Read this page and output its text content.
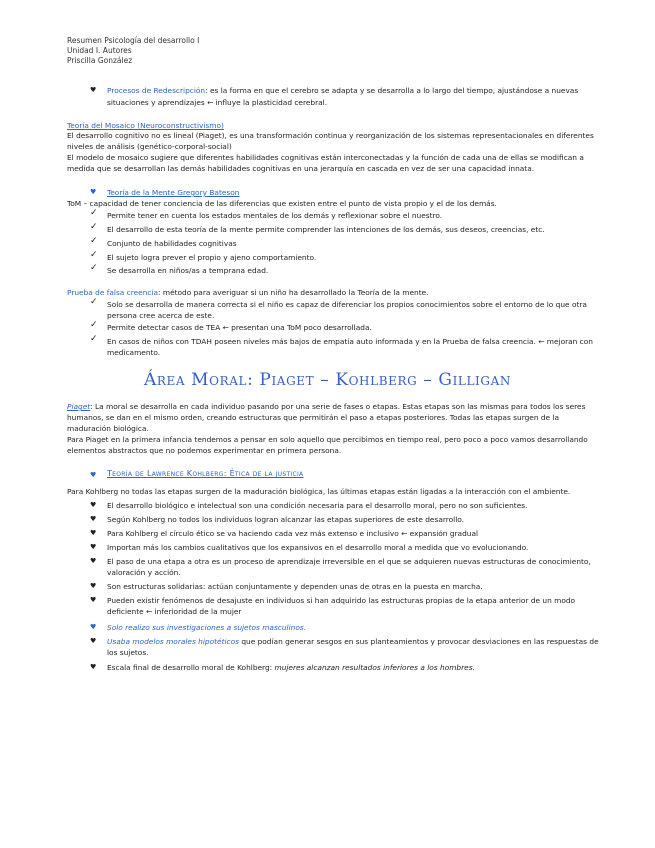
Resumen Psicología del desarrollo I
Unidad I. Autores
Priscilla González
♥ Procesos de Redescripción: es la forma en que el cerebro se adapta y se desarrolla a lo largo del tiempo, ajustándose a nuevas
situaciones y aprendizajes ← influye la plasticidad cerebral.
Teoría del Mosaico (Neuroconstructivismo)
El desarrollo cognitivo no es lineal (Piaget), es una transformación continua y reorganización de los sistemas representacionales en diferentes
niveles de análisis (genético-corporal-social)
El modelo de mosaico sugiere que diferentes habilidades cognitivas están interconectadas y la función de cada una de ellas se modifican a
medida que se desarrollan las demás habilidades cognitivas en una jerarquía en cascada en vez de ser una capacidad innata.
♥ Teoría de la Mente Gregory Bateson
ToM – capacidad de tener conciencia de las diferencias que existen entre el punto de vista propio y el de los demás.
✓ Permite tener en cuenta los estados mentales de los demás y reflexionar sobre el nuestro.
✓ El desarrollo de esta teoría de la mente permite comprender las intenciones de los demás, sus deseos, creencias, etc.
✓ Conjunto de habilidades cognitivas
✓ El sujeto logra prever el propio y ajeno comportamiento.
✓ Se desarrolla en niños/as a temprana edad.
Prueba de falsa creencia: método para averiguar si un niño ha desarrollado la Teoría de la mente.
✓ Solo se desarrolla de manera correcta si el niño es capaz de diferenciar los propios conocimientos sobre el entorno de lo que otra
persona cree acerca de este.
✓ Permite detectar casos de TEA ← presentan una ToM poco desarrollada.
✓ En casos de niños con TDAH poseen niveles más bajos de empatía auto informada y en la Prueba de falsa creencia. ← mejoran con
medicamento.
Área Moral: Piaget – Kohlberg – Gilligan
Piaget: La moral se desarrolla en cada individuo pasando por una serie de fases o etapas. Estas etapas son las mismas para todos los seres
humanos, se dan en el mismo orden, creando estructuras que permitirán el paso a etapas posteriores. Todas las etapas surgen de la
maduración biológica.
Para Piaget en la primera infancia tendemos a pensar en solo aquello que percibimos en tiempo real, pero poco a poco vamos desarrollando
elementos abstractos que no podemos experimentar en primera persona.
♥ Teoría de Lawrence Kohlberg: Ética de la justicia
Para Kohlberg no todas las etapas surgen de la maduración biológica, las últimas etapas están ligadas a la interacción con el ambiente.
♥ El desarrollo biológico e intelectual son una condición necesaria para el desarrollo moral, pero no son suficientes.
♥ Según Kohlberg no todos los individuos logran alcanzar las etapas superiores de este desarrollo.
♥ Para Kohlberg el círculo ético se va haciendo cada vez más extenso e inclusivo ← expansión gradual
♥ Importan más los cambios cualitativos que los expansivos en el desarrollo moral a medida que vo evolucionando.
♥ El paso de una etapa a otra es un proceso de aprendizaje irreversible en el que se adquieren nuevas estructuras de conocimiento,
valoración y acción.
♥ Son estructuras solidarias: actúan conjuntamente y dependen unas de otras en la puesta en marcha.
♥ Pueden existir fenómenos de desajuste en individuos si han adquirido las estructuras propias de la etapa anterior de un modo
deficiente ← inferioridad de la mujer
♥ Solo realizo sus investigaciones a sujetos masculinos.
♥ Usaba modelos morales hipotéticos que podían generar sesgos en sus planteamientos y provocar desviaciones en las respuestas de
los sujetos.
♥ Escala final de desarrollo moral de Kohlberg: mujeres alcanzan resultados inferiores a los hombres.
